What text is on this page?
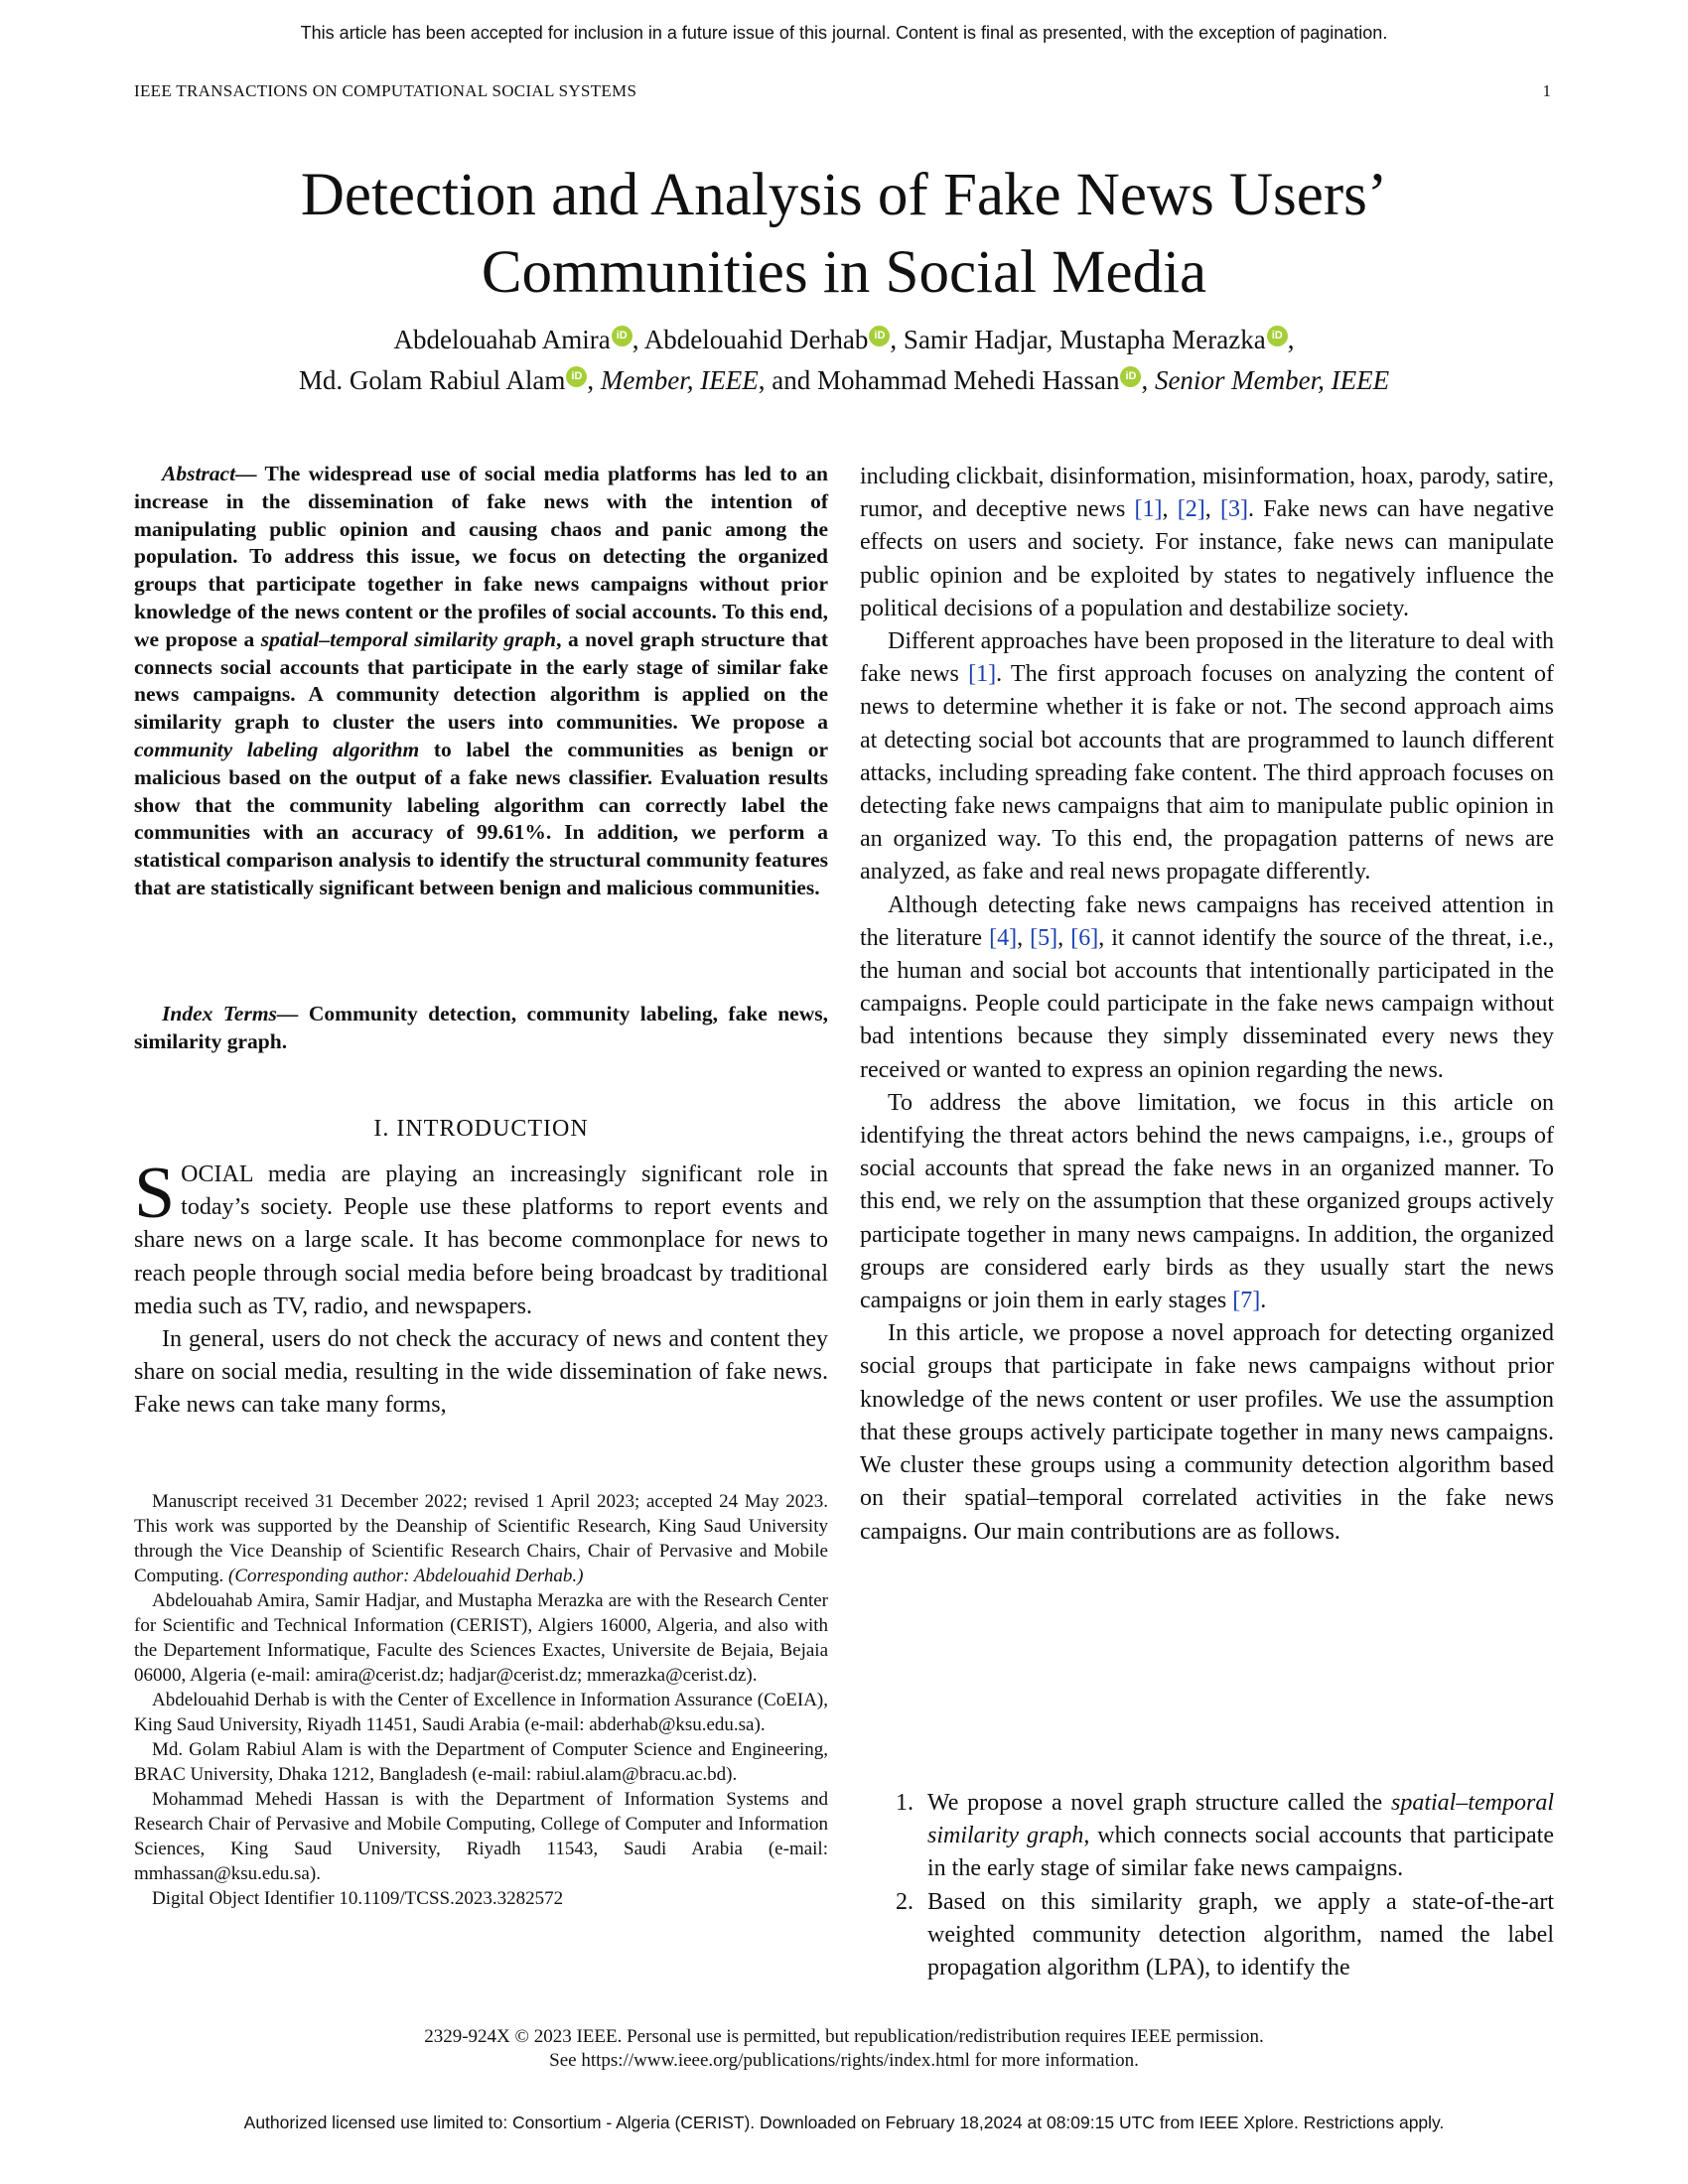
This article has been accepted for inclusion in a future issue of this journal. Content is final as presented, with the exception of pagination.
IEEE TRANSACTIONS ON COMPUTATIONAL SOCIAL SYSTEMS	1
Detection and Analysis of Fake News Users’
Communities in Social Media
Abdelouahab Amira iD , Abdelouahid Derhab iD , Samir Hadjar, Mustapha Merazka iD ,
Md. Golam Rabiul Alam iD , Member, IEEE, and Mohammad Mehedi Hassan iD , Senior Member, IEEE
Abstract— The widespread use of social media platforms has led to an increase in the dissemination of fake news with the intention of manipulating public opinion and causing chaos and panic among the population. To address this issue, we focus on detecting the organized groups that participate together in fake news campaigns without prior knowledge of the news content or the profiles of social accounts. To this end, we propose a spatial–temporal similarity graph, a novel graph structure that connects social accounts that participate in the early stage of similar fake news campaigns. A community detection algorithm is applied on the similarity graph to cluster the users into communities. We propose a community labeling algorithm to label the communities as benign or malicious based on the output of a fake news classifier. Evaluation results show that the community labeling algorithm can correctly label the communities with an accuracy of 99.61%. In addition, we perform a statistical comparison analysis to identify the structural community features that are statistically significant between benign and malicious communities.
Index Terms— Community detection, community labeling, fake news, similarity graph.
I. INTRODUCTION

SOCIAL media are playing an increasingly significant role in today’s society. People use these platforms to report events and share news on a large scale. It has become commonplace for news to reach people through social media before being broadcast by traditional media such as TV, radio, and newspapers.

In general, users do not check the accuracy of news and content they share on social media, resulting in the wide dissemination of fake news. Fake news can take many forms,

Manuscript received 31 December 2022; revised 1 April 2023; accepted 24 May 2023. This work was supported by the Deanship of Scientific Research, King Saud University through the Vice Deanship of Scientific Research Chairs, Chair of Pervasive and Mobile Computing. (Corresponding author: Abdelouahid Derhab.)

Abdelouahab Amira, Samir Hadjar, and Mustapha Merazka are with the Research Center for Scientific and Technical Information (CERIST), Algiers 16000, Algeria, and also with the Departement Informatique, Faculte des Sciences Exactes, Universite de Bejaia, Bejaia 06000, Algeria (e-mail: amira@cerist.dz; hadjar@cerist.dz; mmerazka@cerist.dz).

Abdelouahid Derhab is with the Center of Excellence in Information Assurance (CoEIA), King Saud University, Riyadh 11451, Saudi Arabia (e-mail: abderhab@ksu.edu.sa).

Md. Golam Rabiul Alam is with the Department of Computer Science and Engineering, BRAC University, Dhaka 1212, Bangladesh (e-mail: rabiul.alam@bracu.ac.bd).

Mohammad Mehedi Hassan is with the Department of Information Systems and Research Chair of Pervasive and Mobile Computing, College of Computer and Information Sciences, King Saud University, Riyadh 11543, Saudi Arabia (e-mail: mmhassan@ksu.edu.sa).

Digital Object Identifier 10.1109/TCSS.2023.3282572

including clickbait, disinformation, misinformation, hoax, parody, satire, rumor, and deceptive news [1], [2], [3]. Fake news can have negative effects on users and society. For instance, fake news can manipulate public opinion and be exploited by states to negatively influence the political decisions of a population and destabilize society.

Different approaches have been proposed in the literature to deal with fake news [1]. The first approach focuses on analyzing the content of news to determine whether it is fake or not. The second approach aims at detecting social bot accounts that are programmed to launch different attacks, including spreading fake content. The third approach focuses on detecting fake news campaigns that aim to manipulate public opinion in an organized way. To this end, the propagation patterns of news are analyzed, as fake and real news propagate differently.

Although detecting fake news campaigns has received attention in the literature [4], [5], [6], it cannot identify the source of the threat, i.e., the human and social bot accounts that intentionally participated in the campaigns. People could participate in the fake news campaign without bad intentions because they simply disseminated every news they received or wanted to express an opinion regarding the news.

To address the above limitation, we focus in this article on identifying the threat actors behind the news campaigns, i.e., groups of social accounts that spread the fake news in an organized manner. To this end, we rely on the assumption that these organized groups actively participate together in many news campaigns. In addition, the organized groups are considered early birds as they usually start the news campaigns or join them in early stages [7].

In this article, we propose a novel approach for detecting organized social groups that participate in fake news campaigns without prior knowledge of the news content or user profiles. We use the assumption that these groups actively participate together in many news campaigns. We cluster these groups using a community detection algorithm based on their spatial–temporal correlated activities in the fake news campaigns. Our main contributions are as follows.

1. We propose a novel graph structure called the spatial–temporal similarity graph, which connects social accounts that participate in the early stage of similar fake news campaigns.
2. Based on this similarity graph, we apply a state-of-the-art weighted community detection algorithm, named the label propagation algorithm (LPA), to identify the
2329-924X © 2023 IEEE. Personal use is permitted, but republication/redistribution requires IEEE permission.
See https://www.ieee.org/publications/rights/index.html for more information.
Authorized licensed use limited to: Consortium - Algeria (CERIST). Downloaded on February 18,2024 at 08:09:15 UTC from IEEE Xplore. Restrictions apply.
